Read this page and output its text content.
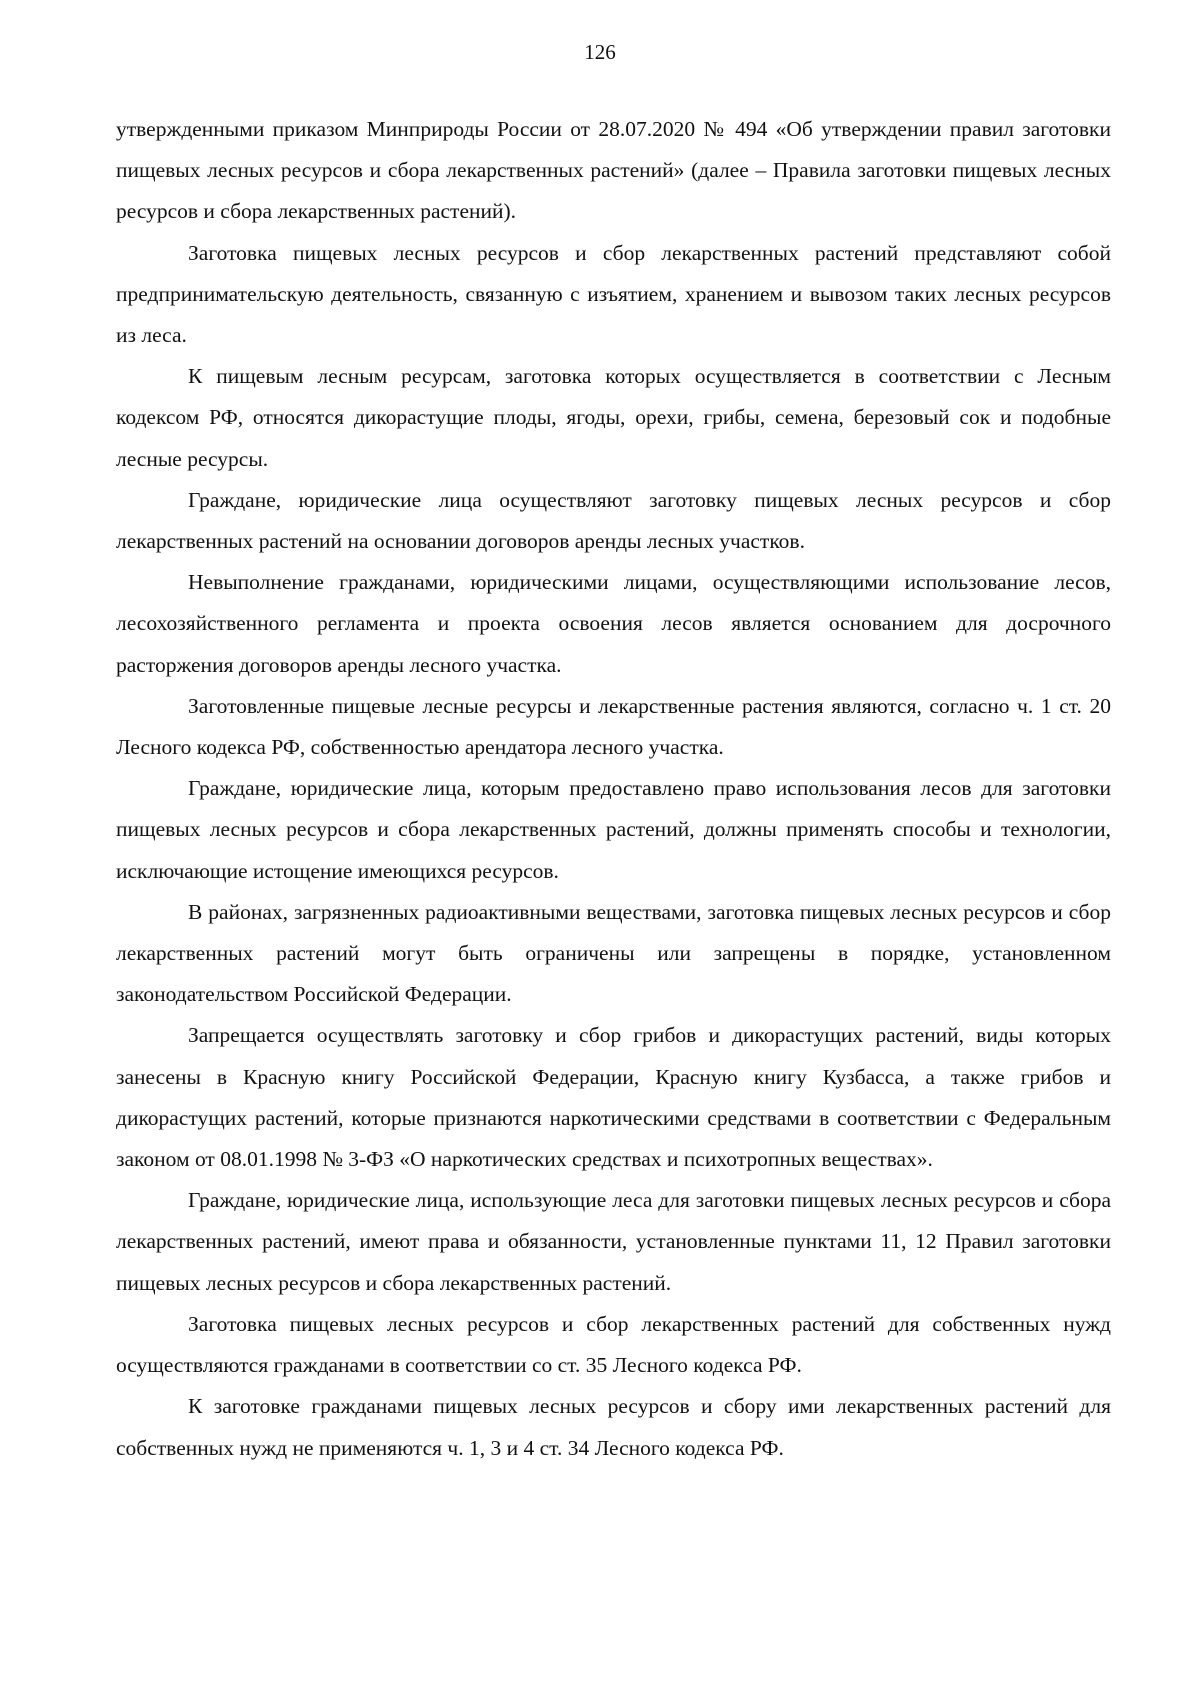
126

утвержденными приказом Минприроды России от 28.07.2020 № 494 «Об утверждении правил заготовки пищевых лесных ресурсов и сбора лекарственных растений» (далее – Правила заготовки пищевых лесных ресурсов и сбора лекарственных растений).

Заготовка пищевых лесных ресурсов и сбор лекарственных растений представляют собой предпринимательскую деятельность, связанную с изъятием, хранением и вывозом таких лесных ресурсов из леса.

К пищевым лесным ресурсам, заготовка которых осуществляется в соответствии с Лесным кодексом РФ, относятся дикорастущие плоды, ягоды, орехи, грибы, семена, березовый сок и подобные лесные ресурсы.

Граждане, юридические лица осуществляют заготовку пищевых лесных ресурсов и сбор лекарственных растений на основании договоров аренды лесных участков.

Невыполнение гражданами, юридическими лицами, осуществляющими использование лесов, лесохозяйственного регламента и проекта освоения лесов является основанием для досрочного расторжения договоров аренды лесного участка.

Заготовленные пищевые лесные ресурсы и лекарственные растения являются, согласно ч. 1 ст. 20 Лесного кодекса РФ, собственностью арендатора лесного участка.

Граждане, юридические лица, которым предоставлено право использования лесов для заготовки пищевых лесных ресурсов и сбора лекарственных растений, должны применять способы и технологии, исключающие истощение имеющихся ресурсов.

В районах, загрязненных радиоактивными веществами, заготовка пищевых лесных ресурсов и сбор лекарственных растений могут быть ограничены или запрещены в порядке, установленном законодательством Российской Федерации.

Запрещается осуществлять заготовку и сбор грибов и дикорастущих растений, виды которых занесены в Красную книгу Российской Федерации, Красную книгу Кузбасса, а также грибов и дикорастущих растений, которые признаются наркотическими средствами в соответствии с Федеральным законом от 08.01.1998 № 3-ФЗ «О наркотических средствах и психотропных веществах».

Граждане, юридические лица, использующие леса для заготовки пищевых лесных ресурсов и сбора лекарственных растений, имеют права и обязанности, установленные пунктами 11, 12 Правил заготовки пищевых лесных ресурсов и сбора лекарственных растений.

Заготовка пищевых лесных ресурсов и сбор лекарственных растений для собственных нужд осуществляются гражданами в соответствии со ст. 35 Лесного кодекса РФ.

К заготовке гражданами пищевых лесных ресурсов и сбору ими лекарственных растений для собственных нужд не применяются ч. 1, 3 и 4 ст. 34 Лесного кодекса РФ.
